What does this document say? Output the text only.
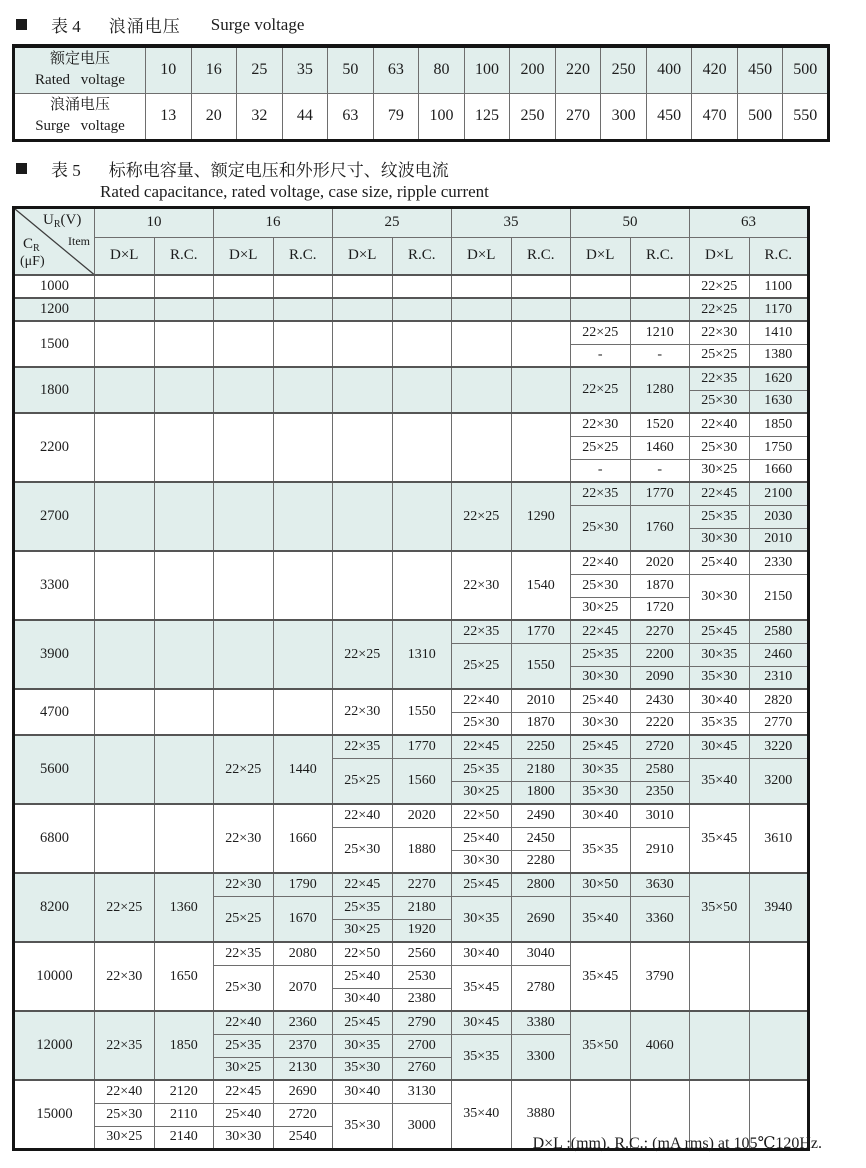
表 4 浪涌电压 Surge voltage
额定电压
Rated voltage	10	16	25	35	50	63	80	100	200	220	250	400	420	450	500

浪涌电压
Surge voltage	13	20	32	44	63	79	100	125	250	270	300	450	470	500	550
表 5 标称电容量、额定电压和外形尺寸、纹波电流
Rated capacitance, rated voltage, case size, ripple current
$U_R(V)$
Item
$C_R$
(μF)	10		16		25		35		50		63	
	D×L	R.C.	D×L	R.C.	D×L	R.C.	D×L	R.C.	D×L	R.C.	D×L	R.C.
1000											22×25	1100
1200											22×25	1170
1500									22×25	1210	22×30	1410
									-	-	25×25	1380
1800									22×25	1280	22×35	1620
											25×30	1630
2200									22×30	1520	22×40	1850
									25×25	1460	25×30	1750
									-	-	30×25	1660
2700							22×25	1290	22×35	1770	22×45	2100
									25×30	1760	25×35	2030
											30×30	2010
3300							22×30	1540	22×40	2020	25×40	2330
									25×30	1870	30×30	2150
									30×25	1720		
3900					22×25	1310	22×35	1770	22×45	2270	25×45	2580
							25×25	1550	25×35	2200	30×35	2460
									30×30	2090	35×30	2310
4700					22×30	1550	22×40	2010	25×40	2430	30×40	2820
							25×30	1870	30×30	2220	35×35	2770
5600			22×25	1440	22×35	1770	22×45	2250	25×45	2720	30×45	3220
					25×25	1560	25×35	2180	30×35	2580	35×40	3200
							30×25	1800	35×30	2350		
6800			22×30	1660	22×40	2020	22×50	2490	30×40	3010	35×45	3610
					25×30	1880	25×40	2450	35×35	2910		
							30×30	2280				
8200	22×25	1360	22×30	1790	22×45	2270	25×45	2800	30×50	3630	35×50	3940
			25×25	1670	25×35	2180	30×35	2690	35×40	3360		
					30×25	1920						
10000	22×30	1650	22×35	2080	22×50	2560	30×40	3040	35×45	3790		
			25×30	2070	25×40	2530	35×45	2780				
					30×40	2380						
12000	22×35	1850	22×40	2360	25×45	2790	30×45	3380	35×50	4060		
			25×35	2370	30×35	2700	35×35	3300				
			30×25	2130	35×30	2760						
15000	22×40	2120	22×45	2690	30×40	3130	35×40	3880				
	25×30	2110	25×40	2720	35×30	3000						
	30×25	2140	30×30	2540									D×L :(mm), R.C.: (mA rms) at 105℃120Hz.
